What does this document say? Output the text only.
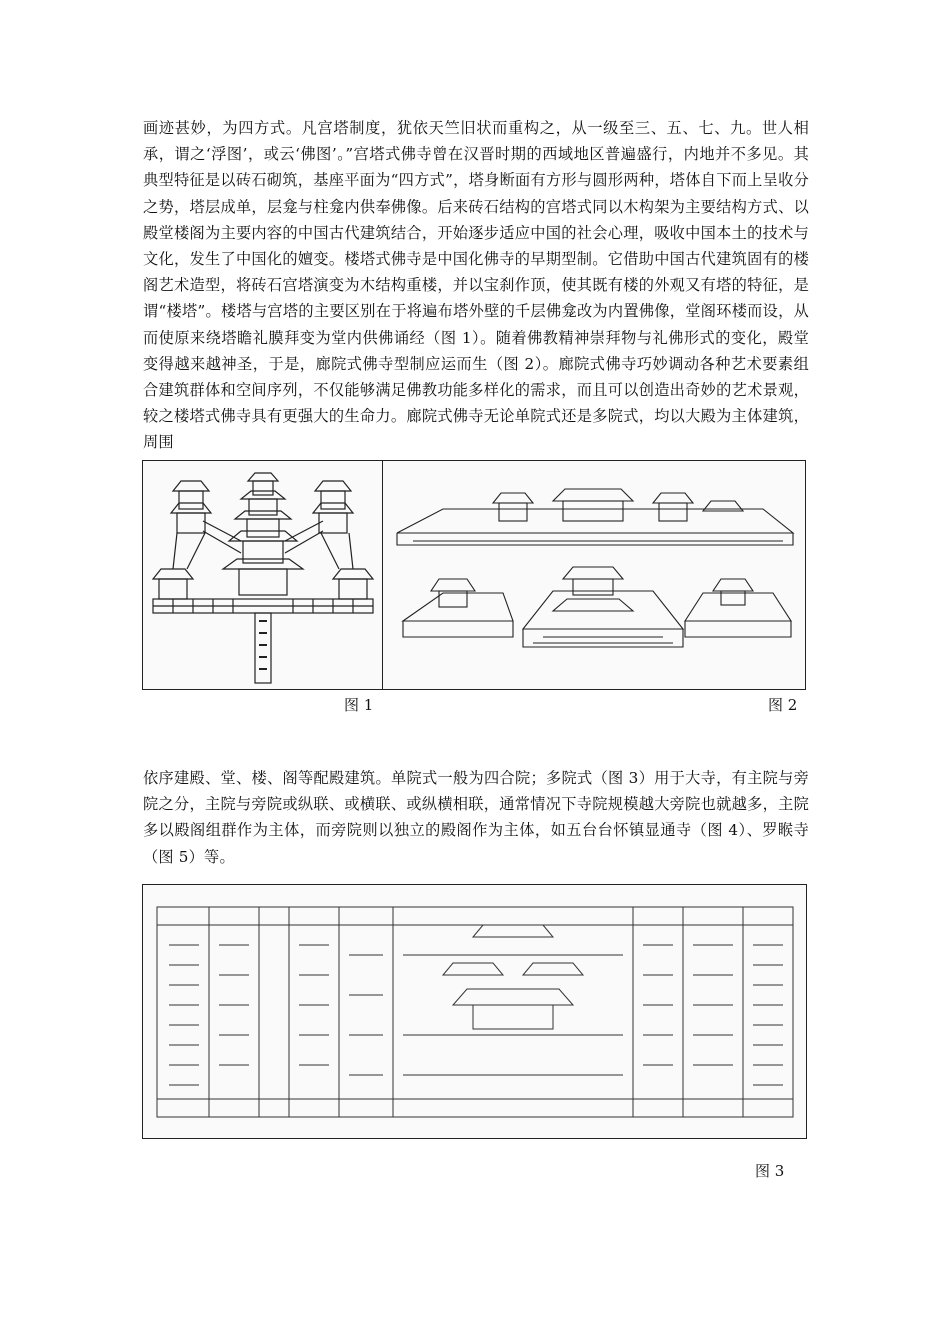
画迹甚妙，为四方式。凡宫塔制度，犹依天竺旧状而重构之，从一级至三、五、七、九。世人相承，谓之‘浮图’，或云‘佛图’。”宫塔式佛寺曾在汉晋时期的西域地区普遍盛行，内地并不多见。其典型特征是以砖石砌筑，基座平面为“四方式”，塔身断面有方形与圆形两种，塔体自下而上呈收分之势，塔层成单，层龛与柱龛内供奉佛像。后来砖石结构的宫塔式同以木构架为主要结构方式、以殿堂楼阁为主要内容的中国古代建筑结合，开始逐步适应中国的社会心理，吸收中国本土的技术与文化，发生了中国化的嬗变。楼塔式佛寺是中国化佛寺的早期型制。它借助中国古代建筑固有的楼阁艺术造型，将砖石宫塔演变为木结构重楼，并以宝刹作顶，使其既有楼的外观又有塔的特征，是谓“楼塔”。楼塔与宫塔的主要区别在于将遍布塔外壁的千层佛龛改为内置佛像，堂阁环楼而设，从而使原来绕塔瞻礼膜拜变为堂内供佛诵经（图 1）。随着佛教精神崇拜物与礼佛形式的变化，殿堂变得越来越神圣，于是，廊院式佛寺型制应运而生（图 2）。廊院式佛寺巧妙调动各种艺术要素组合建筑群体和空间序列，不仅能够满足佛教功能多样化的需求，而且可以创造出奇妙的艺术景观，较之楼塔式佛寺具有更强大的生命力。廊院式佛寺无论单院式还是多院式，均以大殿为主体建筑，周围

图 1	图 2

依序建殿、堂、楼、阁等配殿建筑。单院式一般为四合院；多院式（图 3）用于大寺，有主院与旁院之分，主院与旁院或纵联、或横联、或纵横相联，通常情况下寺院规模越大旁院也就越多，主院多以殿阁组群作为主体，而旁院则以独立的殿阁作为主体，如五台台怀镇显通寺（图 4）、罗睺寺（图 5）等。

图 3
